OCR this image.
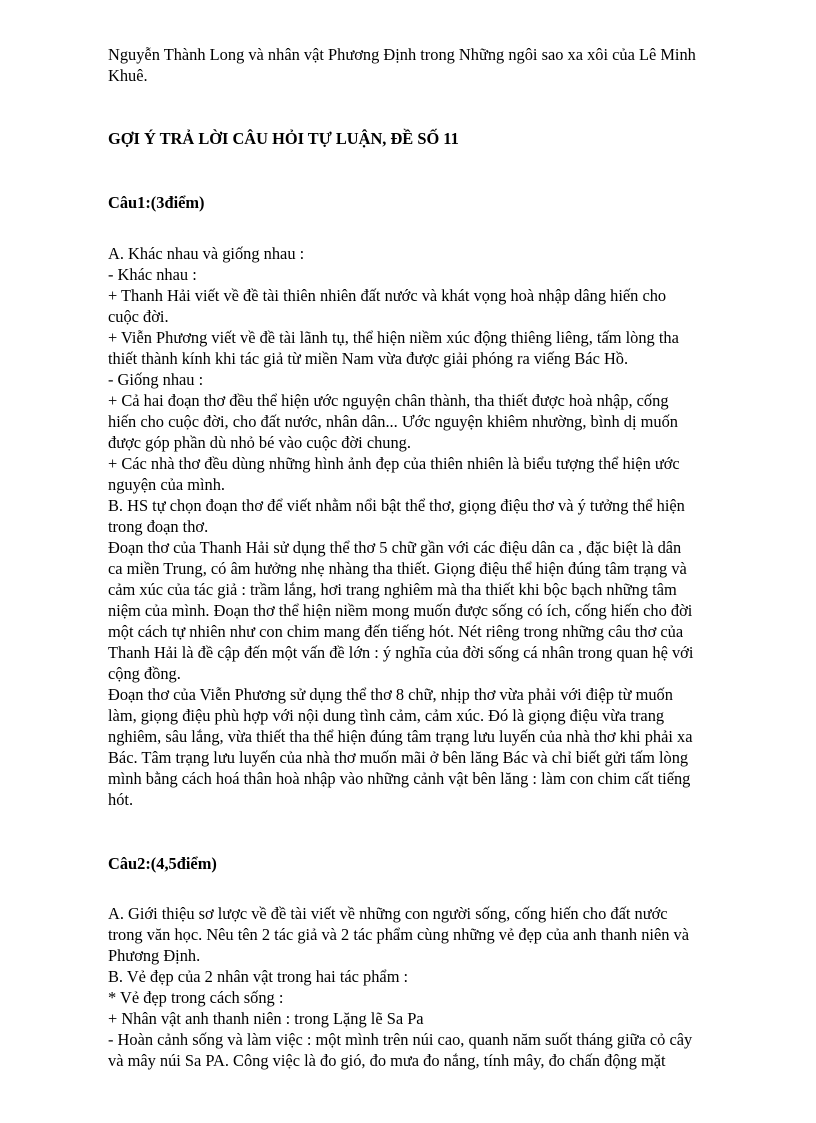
Nguyễn Thành Long và nhân vật Phương Định trong Những ngôi sao xa xôi của Lê Minh
Khuê.

GỢI Ý TRẢ LỜI CÂU HỎI TỰ LUẬN, ĐỀ SỐ 11

Câu1:(3điểm)

A. Khác nhau và giống nhau :
- Khác nhau :
+ Thanh Hải viết về đề tài thiên nhiên đất nước và khát vọng hoà nhập dâng hiến cho
cuộc đời.
+ Viễn Phương viết về đề tài lãnh tụ, thể hiện niềm xúc động thiêng liêng, tấm lòng tha
thiết thành kính khi tác giả từ miền Nam vừa được giải phóng ra viếng Bác Hồ.
- Giống nhau :
+ Cả hai đoạn thơ đều thể hiện ước nguyện chân thành, tha thiết được hoà nhập, cống
hiến cho cuộc đời, cho đất nước, nhân dân... Ước nguyện khiêm nhường, bình dị muốn
được góp phần dù nhỏ bé vào cuộc đời chung.
+ Các nhà thơ đều dùng những hình ảnh đẹp của thiên nhiên là biểu tượng thể hiện ước
nguyện của mình.
B. HS tự chọn đoạn thơ để viết nhằm nổi bật thể thơ, giọng điệu thơ và ý tưởng thể hiện
trong đoạn thơ.
Đoạn thơ của Thanh Hải sử dụng thể thơ 5 chữ gần với các điệu dân ca , đặc biệt là dân
ca miền Trung, có âm hưởng nhẹ nhàng tha thiết. Giọng điệu thể hiện đúng tâm trạng và
cảm xúc của tác giả : trầm lắng, hơi trang nghiêm mà tha thiết khi bộc bạch những tâm
niệm của mình. Đoạn thơ thể hiện niềm mong muốn được sống có ích, cống hiến cho đời
một cách tự nhiên như con chim mang đến tiếng hót. Nét riêng trong những câu thơ của
Thanh Hải là đề cập đến một vấn đề lớn : ý nghĩa của đời sống cá nhân trong quan hệ với
cộng đồng.
Đoạn thơ của Viễn Phương sử dụng thể thơ 8 chữ, nhịp thơ vừa phải với điệp từ muốn
làm, giọng điệu phù hợp với nội dung tình cảm, cảm xúc. Đó là giọng điệu vừa trang
nghiêm, sâu lắng, vừa thiết tha thể hiện đúng tâm trạng lưu luyến của nhà thơ khi phải xa
Bác. Tâm trạng lưu luyến của nhà thơ muốn mãi ở bên lăng Bác và chỉ biết gửi tấm lòng
mình bằng cách hoá thân hoà nhập vào những cảnh vật bên lăng : làm con chim cất tiếng
hót.

Câu2:(4,5điểm)

A. Giới thiệu sơ lược về đề tài viết về những con người sống, cống hiến cho đất nước
trong văn học. Nêu tên 2 tác giả và 2 tác phẩm cùng những vẻ đẹp của anh thanh niên và
Phương Định.
B. Vẻ đẹp của 2 nhân vật trong hai tác phẩm :
* Vẻ đẹp trong cách sống :
+ Nhân vật anh thanh niên : trong Lặng lẽ Sa Pa
- Hoàn cảnh sống và làm việc : một mình trên núi cao, quanh năm suốt tháng giữa cỏ cây
và mây núi Sa PA. Công việc là đo gió, đo mưa đo nắng, tính mây, đo chấn động mặt
